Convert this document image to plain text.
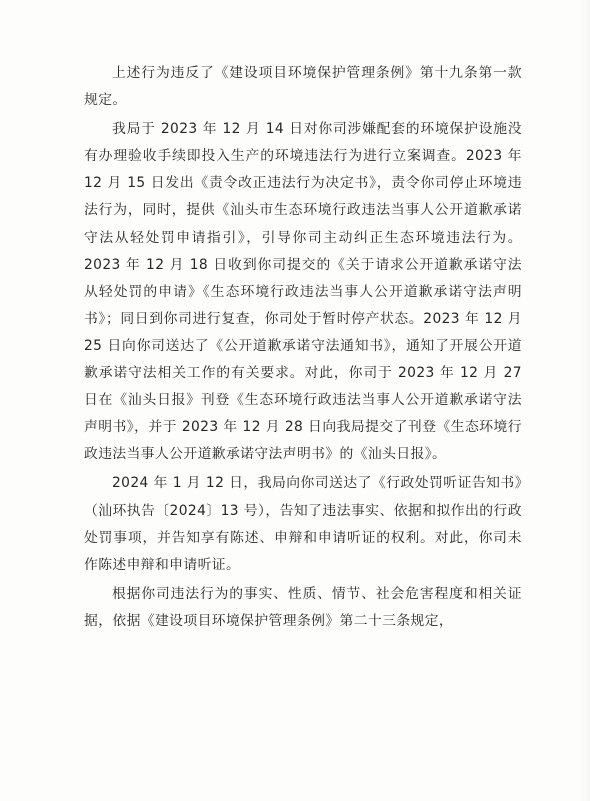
上述行为违反了《建设项目环境保护管理条例》第十九条第一款规定。

我局于 2023 年 12 月 14 日对你司涉嫌配套的环境保护设施没有办理验收手续即投入生产的环境违法行为进行立案调查。2023 年 12 月 15 日发出《责令改正违法行为决定书》，责令你司停止环境违法行为，同时，提供《汕头市生态环境行政违法当事人公开道歉承诺守法从轻处罚申请指引》，引导你司主动纠正生态环境违法行为。2023 年 12 月 18 日收到你司提交的《关于请求公开道歉承诺守法从轻处罚的申请》《生态环境行政违法当事人公开道歉承诺守法声明书》；同日到你司进行复查，你司处于暂时停产状态。2023 年 12 月 25 日向你司送达了《公开道歉承诺守法通知书》，通知了开展公开道歉承诺守法相关工作的有关要求。对此，你司于 2023 年 12 月 27 日在《汕头日报》刊登《生态环境行政违法当事人公开道歉承诺守法声明书》，并于 2023 年 12 月 28 日向我局提交了刊登《生态环境行政违法当事人公开道歉承诺守法声明书》的《汕头日报》。

2024 年 1 月 12 日，我局向你司送达了《行政处罚听证告知书》（汕环执告〔2024〕13 号），告知了违法事实、依据和拟作出的行政处罚事项，并告知享有陈述、申辩和申请听证的权利。对此，你司未作陈述申辩和申请听证。

根据你司违法行为的事实、性质、情节、社会危害程度和相关证据，依据《建设项目环境保护管理条例》第二十三条规定，
